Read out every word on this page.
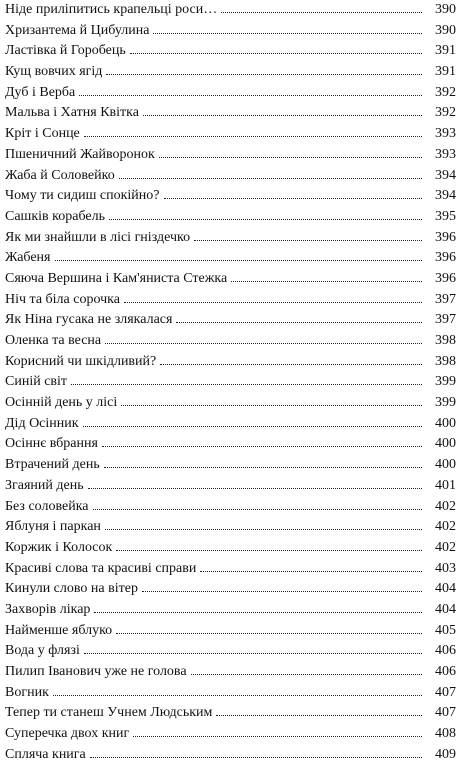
Ніде приліпитись крапельці роси…	390
Хризантема й Цибулина	390
Ластівка й Горобець	391
Кущ вовчих ягід	391
Дуб і Верба	392
Мальва і Хатня Квітка	392
Кріт і Сонце	393
Пшеничний Жайворонок	393
Жаба й Соловейко	394
Чому ти сидиш спокійно?	394
Сашків корабель	395
Як ми знайшли в лісі гніздечко	396
Жабеня	396
Сяюча Вершина і Кам'яниста Стежка	396
Ніч та біла сорочка	397
Як Ніна гусака не злякалася	397
Оленка та весна	398
Корисний чи шкідливий?	398
Синій світ	399
Осінній день у лісі	399
Дід Осінник	400
Осіннє вбрання	400
Втрачений день	400
Згаяний день	401
Без соловейка	402
Яблуня і паркан	402
Коржик і Колосок	402
Красиві слова та красиві справи	403
Кинули слово на вітер	404
Захворів лікар	404
Найменше яблуко	405
Вода у флязі	406
Пилип Іванович уже не голова	406
Вогник	407
Тепер ти станеш Учнем Людським	407
Суперечка двох книг	408
Сплячa книга	409
